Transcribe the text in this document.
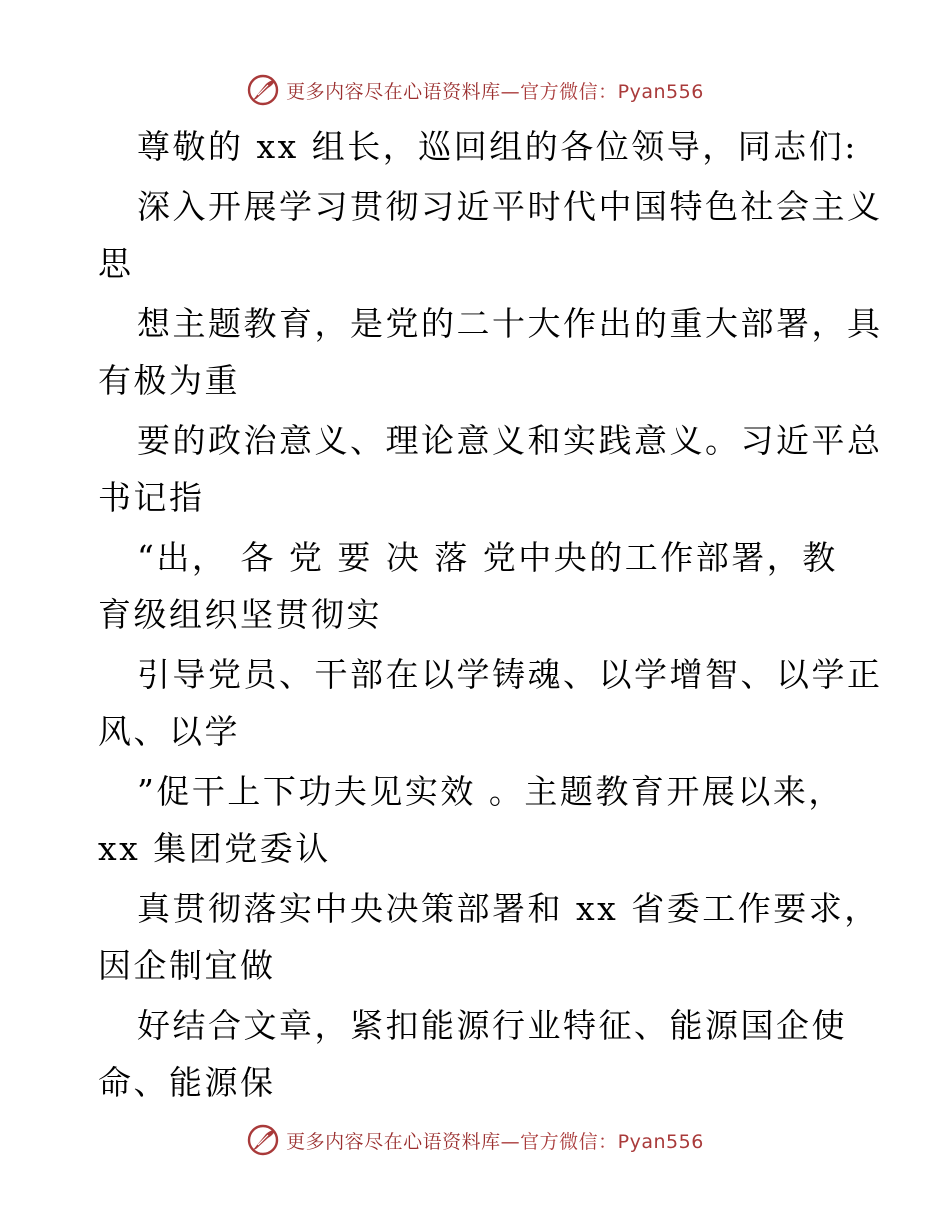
更多内容尽在心语资料库—官方微信：Pyan556
尊敬的 xx 组长，巡回组的各位领导，同志们:
深入开展学习贯彻习近平时代中国特色社会主义
思
想主题教育，是党的二十大作出的重大部署，具
有极为重
要的政治意义、理论意义和实践意义。习近平总
书记指
“出， 各 党 要 决 落 党中央的工作部署，教
育级组织坚贯彻实
引导党员、干部在以学铸魂、以学增智、以学正
风、以学
”促干上下功夫见实效 。主题教育开展以来，
xx 集团党委认
真贯彻落实中央决策部署和 xx 省委工作要求，
因企制宜做
好结合文章，紧扣能源行业特征、能源国企使
命、能源保
更多内容尽在心语资料库—官方微信：Pyan556
